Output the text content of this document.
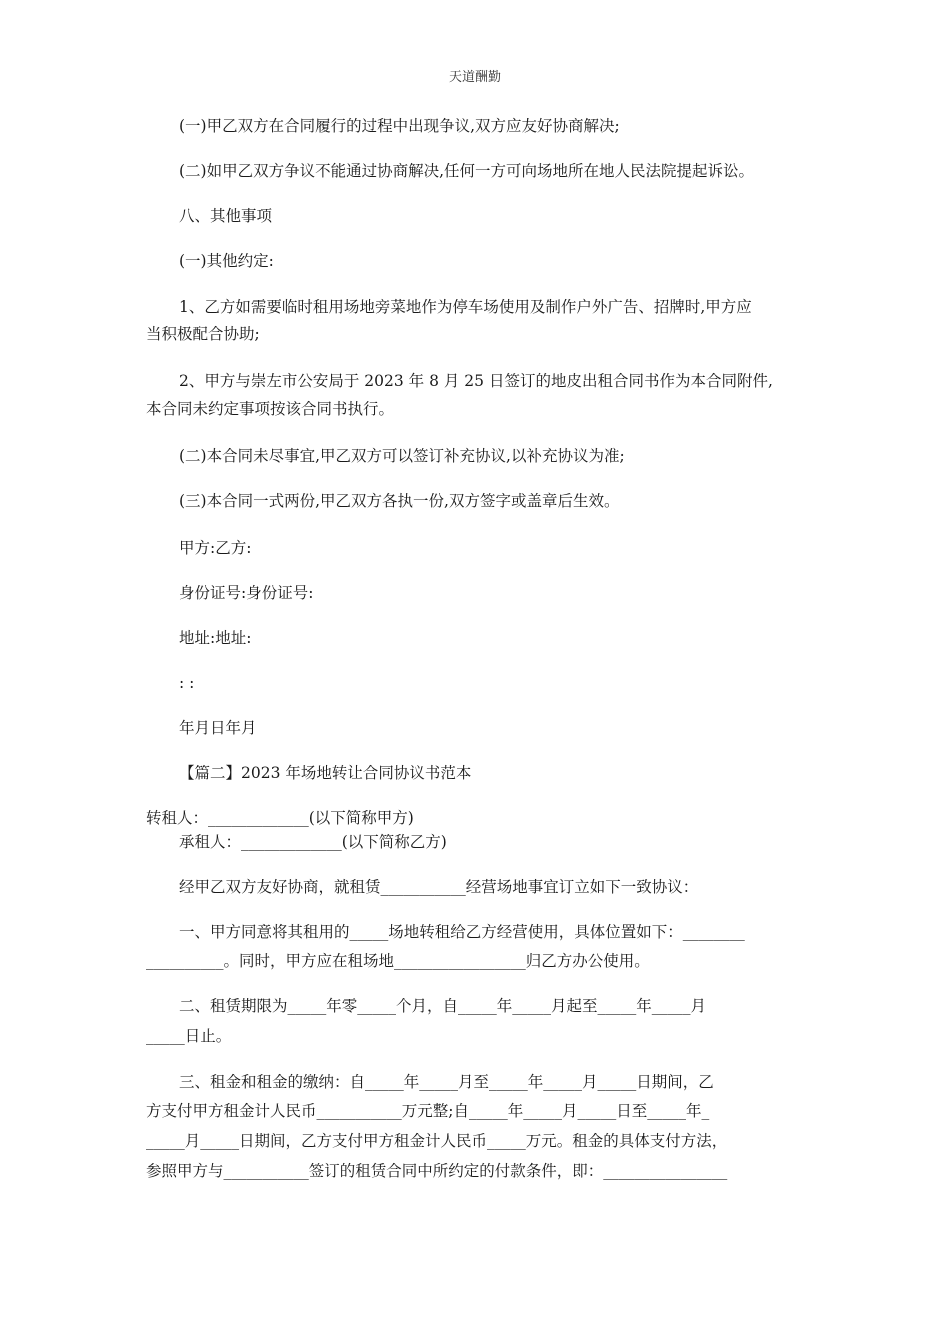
天道酬勤
(一)甲乙双方在合同履行的过程中出现争议,双方应友好协商解决;
(二)如甲乙双方争议不能通过协商解决,任何一方可向场地所在地人民法院提起诉讼。
八、其他事项
(一)其他约定:
1、乙方如需要临时租用场地旁菜地作为停车场使用及制作户外广告、招牌时,甲方应
当积极配合协助;
2、甲方与崇左市公安局于 2023 年 8 月 25 日签订的地皮出租合同书作为本合同附件,
本合同未约定事项按该合同书执行。
(二)本合同未尽事宜,甲乙双方可以签订补充协议,以补充协议为准;
(三)本合同一式两份,甲乙双方各执一份,双方签字或盖章后生效。
甲方:乙方:
身份证号:身份证号:
地址:地址:
: :
年月日年月
【篇二】2023 年场地转让合同协议书范本
转租人：_____________(以下简称甲方)
承租人：_____________(以下简称乙方)
经甲乙双方友好协商，就租赁___________经营场地事宜订立如下一致协议：
一、甲方同意将其租用的_____场地转租给乙方经营使用，具体位置如下：________
__________。同时，甲方应在租场地_________________归乙方办公使用。
二、租赁期限为_____年零_____个月，自_____年_____月起至_____年_____月
_____日止。
三、租金和租金的缴纳：自_____年_____月至_____年_____月_____日期间，乙
方支付甲方租金计人民币___________万元整;自_____年_____月_____日至_____年_
_____月_____日期间，乙方支付甲方租金计人民币_____万元。租金的具体支付方法，
参照甲方与___________签订的租赁合同中所约定的付款条件，即：________________
